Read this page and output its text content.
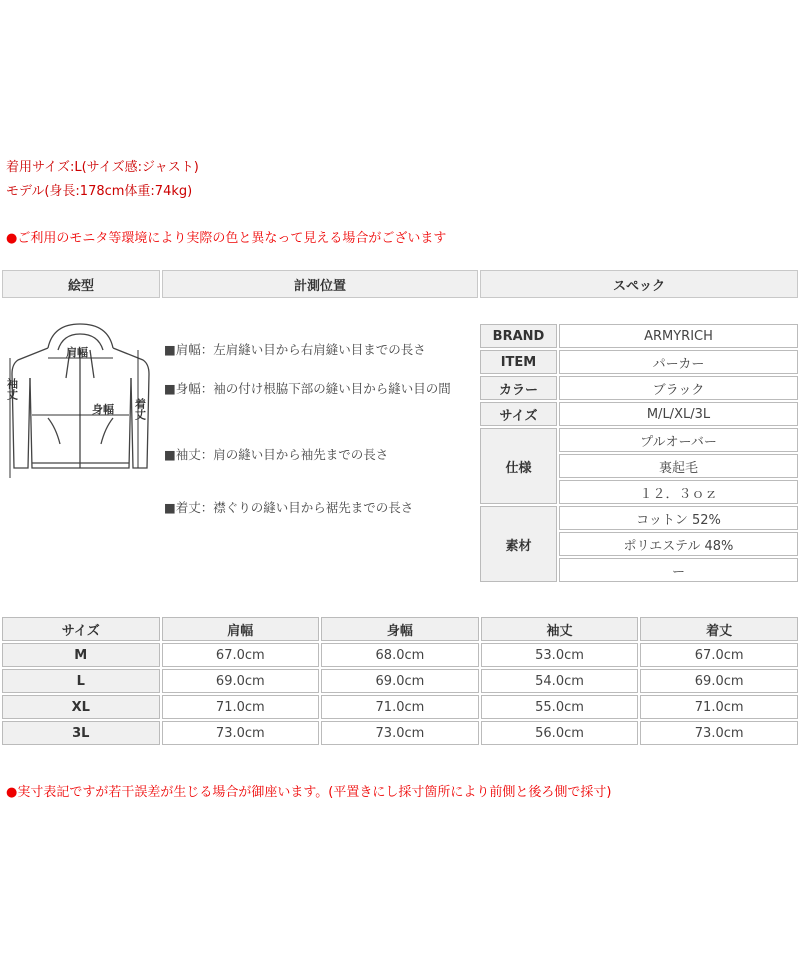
着用サイズ:L(サイズ感:ジャスト)
モデル(身長:178cm体重:74kg)
●ご利用のモニタ等環境により実際の色と異なって見える場合がございます
絵型	計測位置	スペック
肩幅
身幅
袖丈
着丈
■肩幅：左肩縫い目から右肩縫い目までの長さ
■身幅：袖の付け根脇下部の縫い目から縫い目の間
■袖丈：肩の縫い目から袖先までの長さ
■着丈：襟ぐりの縫い目から裾先までの長さ
BRAND	ARMYRICH
ITEM	パーカー
カラー	ブラック
サイズ	M/L/XL/3L
仕様	プルオーバー
	裏起毛
	１２．３ｏｚ
素材	コットン 52%
	ポリエステル 48%
	ー
サイズ	肩幅	身幅	袖丈	着丈
M	67.0cm	68.0cm	53.0cm	67.0cm
L	69.0cm	69.0cm	54.0cm	69.0cm
XL	71.0cm	71.0cm	55.0cm	71.0cm
3L	73.0cm	73.0cm	56.0cm	73.0cm
●実寸表記ですが若干誤差が生じる場合が御座います。(平置きにし採寸箇所により前側と後ろ側で採寸)
